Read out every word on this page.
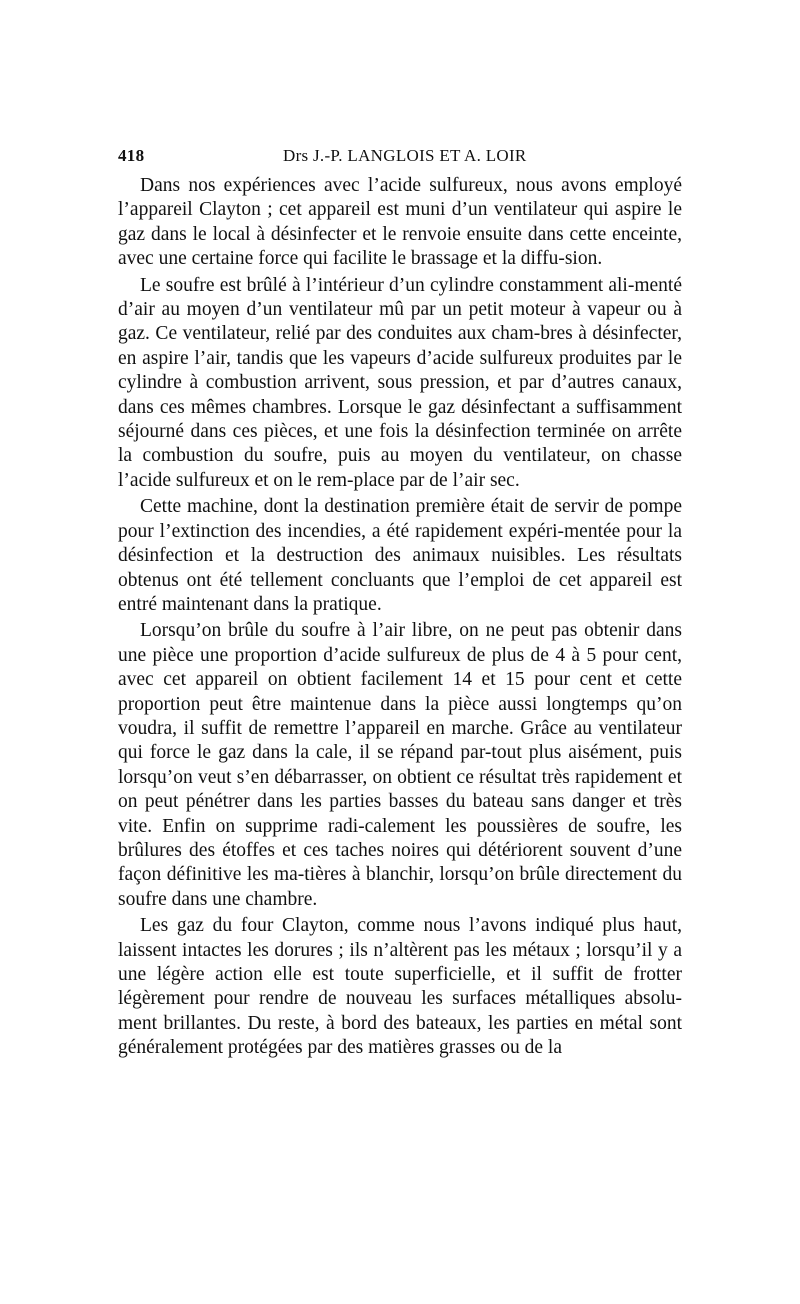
418	Drs J.-P. LANGLOIS ET A. LOIR

Dans nos expériences avec l’acide sulfureux, nous avons employé l’appareil Clayton ; cet appareil est muni d’un ventilateur qui aspire le gaz dans le local à désinfecter et le renvoie ensuite dans cette enceinte, avec une certaine force qui facilite le brassage et la diffu-sion.

Le soufre est brûlé à l’intérieur d’un cylindre constamment ali-menté d’air au moyen d’un ventilateur mû par un petit moteur à vapeur ou à gaz. Ce ventilateur, relié par des conduites aux cham-bres à désinfecter, en aspire l’air, tandis que les vapeurs d’acide sulfureux produites par le cylindre à combustion arrivent, sous pression, et par d’autres canaux, dans ces mêmes chambres. Lorsque le gaz désinfectant a suffisamment séjourné dans ces pièces, et une fois la désinfection terminée on arrête la combustion du soufre, puis au moyen du ventilateur, on chasse l’acide sulfureux et on le rem-place par de l’air sec.

Cette machine, dont la destination première était de servir de pompe pour l’extinction des incendies, a été rapidement expéri-mentée pour la désinfection et la destruction des animaux nuisibles. Les résultats obtenus ont été tellement concluants que l’emploi de cet appareil est entré maintenant dans la pratique.

Lorsqu’on brûle du soufre à l’air libre, on ne peut pas obtenir dans une pièce une proportion d’acide sulfureux de plus de 4 à 5 pour cent, avec cet appareil on obtient facilement 14 et 15 pour cent et cette proportion peut être maintenue dans la pièce aussi longtemps qu’on voudra, il suffit de remettre l’appareil en marche. Grâce au ventilateur qui force le gaz dans la cale, il se répand par-tout plus aisément, puis lorsqu’on veut s’en débarrasser, on obtient ce résultat très rapidement et on peut pénétrer dans les parties basses du bateau sans danger et très vite. Enfin on supprime radi-calement les poussières de soufre, les brûlures des étoffes et ces taches noires qui détériorent souvent d’une façon définitive les ma-tières à blanchir, lorsqu’on brûle directement du soufre dans une chambre.

Les gaz du four Clayton, comme nous l’avons indiqué plus haut, laissent intactes les dorures ; ils n’altèrent pas les métaux ; lorsqu’il y a une légère action elle est toute superficielle, et il suffit de frotter légèrement pour rendre de nouveau les surfaces métalliques absolu-ment brillantes. Du reste, à bord des bateaux, les parties en métal sont généralement protégées par des matières grasses ou de la
